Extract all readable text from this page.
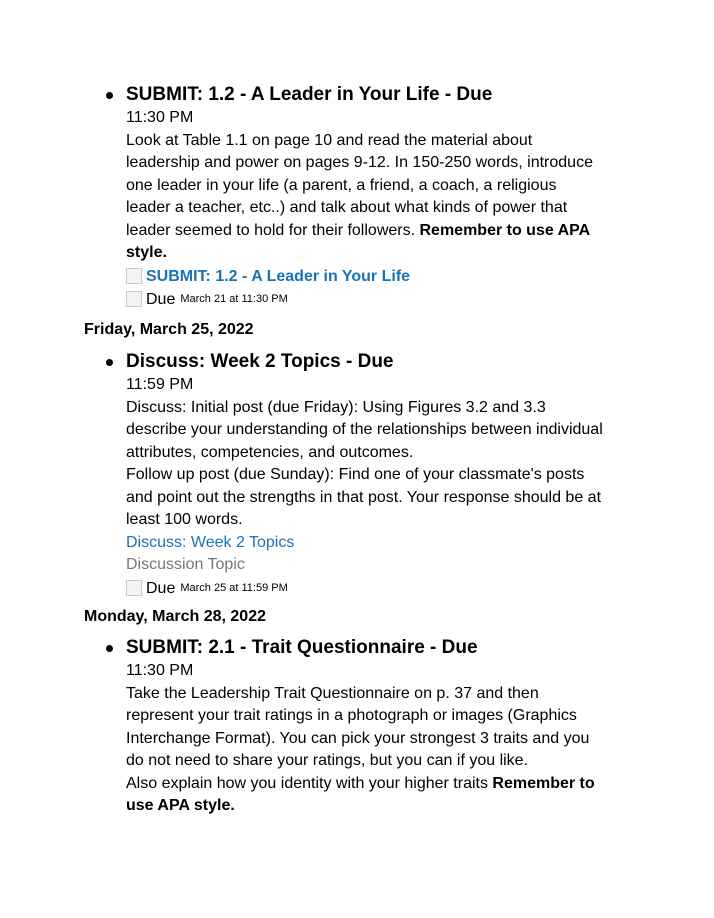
SUBMIT: 1.2 - A Leader in Your Life - Due
11:30 PM
Look at Table 1.1 on page 10 and read the material about
leadership and power on pages 9-12. In 150-250 words, introduce
one leader in your life (a parent, a friend, a coach, a religious
leader a teacher, etc..) and talk about what kinds of power that
leader seemed to hold for their followers. Remember to use APA
style.
SUBMIT: 1.2 - A Leader in Your Life
Due March 21 at 11:30 PM
Friday, March 25, 2022
Discuss: Week 2 Topics - Due
11:59 PM
Discuss: Initial post (due Friday): Using Figures 3.2 and 3.3
describe your understanding of the relationships between individual
attributes, competencies, and outcomes.
Follow up post (due Sunday): Find one of your classmate's posts
and point out the strengths in that post. Your response should be at
least 100 words.
Discuss: Week 2 Topics
Discussion Topic
Due March 25 at 11:59 PM
Monday, March 28, 2022
SUBMIT: 2.1 - Trait Questionnaire - Due
11:30 PM
Take the Leadership Trait Questionnaire on p. 37 and then
represent your trait ratings in a photograph or images (Graphics
Interchange Format). You can pick your strongest 3 traits and you
do not need to share your ratings, but you can if you like.
Also explain how you identity with your higher traits Remember to
use APA style.
